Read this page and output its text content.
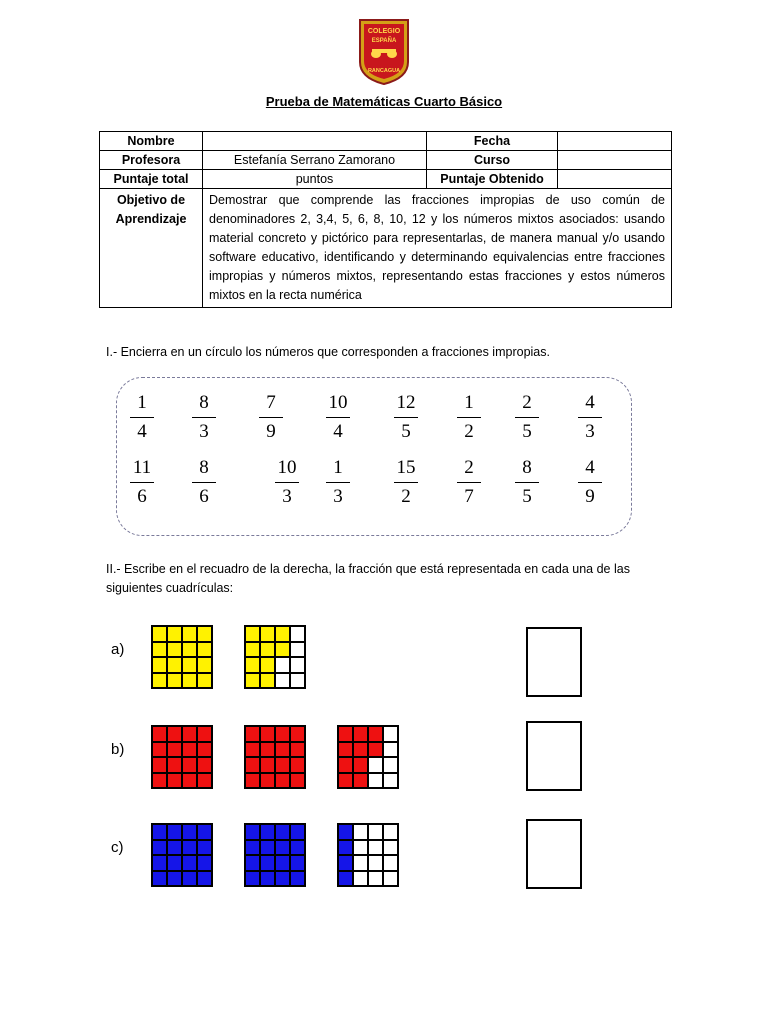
COLEGIO
ESPAÑA
RANCAGUA
Prueba de Matemáticas Cuarto Básico
Nombre		Fecha	
Profesora	Estefanía Serrano Zamorano	Curso	
Puntaje total	puntos	Puntaje Obtenido	
Objetivo de
Aprendizaje	Demostrar que comprende las fracciones impropias de uso común de denominadores 2, 3,4, 5, 6, 8, 10, 12 y los números mixtos asociados: usando material concreto y pictórico para representarlas, de manera manual y/o usando software educativo, identificando y determinando equivalencias entre fracciones impropias y números mixtos, representando estas fracciones y estos números mixtos en la recta numérica		
I.- Encierra en un círculo los números que corresponden a fracciones impropias.
1
4
8
3
7
9
10
4
12
5
1
2
2
5
4
3
11
6
8
6
10
3
1
3
15
2
2
7
8
5
4
9
II.- Escribe en el recuadro de la derecha, la fracción que está representada en cada una de las siguientes cuadrículas:
a)
b)
c)
